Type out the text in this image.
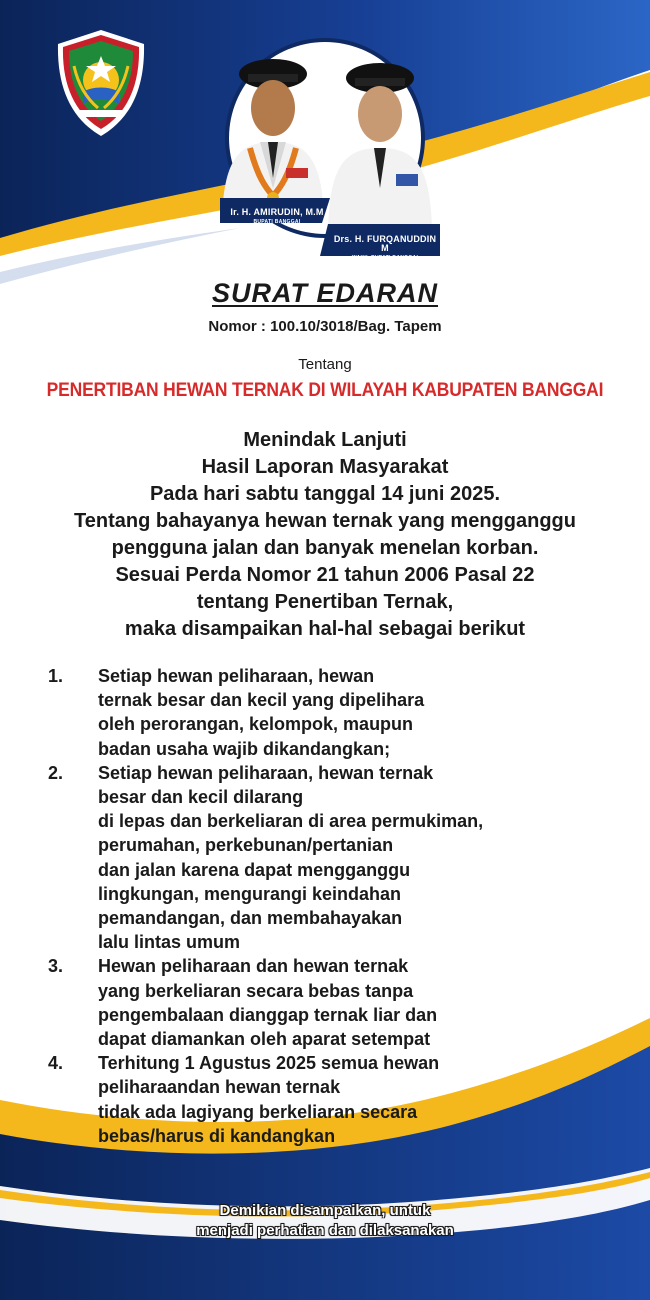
Ir. H. AMIRUDIN, M.M
BUPATI BANGGAI
Drs. H. FURQANUDDIN M
WAKIL BUPATI BANGGAI
SURAT EDARAN
Nomor : 100.10/3018/Bag. Tapem
Tentang
PENERTIBAN HEWAN TERNAK DI WILAYAH KABUPATEN BANGGAI
Menindak Lanjuti
Hasil Laporan Masyarakat
Pada hari sabtu tanggal 14 juni 2025.
Tentang bahayanya hewan ternak yang mengganggu
pengguna jalan dan banyak menelan korban.
Sesuai Perda Nomor 21 tahun 2006 Pasal 22
tentang Penertiban Ternak,
maka disampaikan hal-hal sebagai berikut
1.	Setiap hewan peliharaan, hewan
ternak besar dan kecil yang dipelihara
oleh perorangan, kelompok, maupun
badan usaha wajib dikandangkan;
2.	Setiap hewan peliharaan, hewan ternak
besar dan kecil dilarang
di lepas dan berkeliaran di area permukiman,
perumahan, perkebunan/pertanian
dan jalan karena dapat mengganggu
lingkungan, mengurangi keindahan
pemandangan, dan membahayakan
lalu lintas umum
3.	Hewan peliharaan dan hewan ternak
yang berkeliaran secara bebas tanpa
pengembalaan dianggap ternak liar dan
dapat diamankan oleh aparat setempat
4.	Terhitung 1 Agustus 2025 semua hewan
peliharaandan hewan ternak
tidak ada lagiyang berkeliaran secara
bebas/harus di kandangkan
Demikian disampaikan, untuk
menjadi perhatian dan dilaksanakan
